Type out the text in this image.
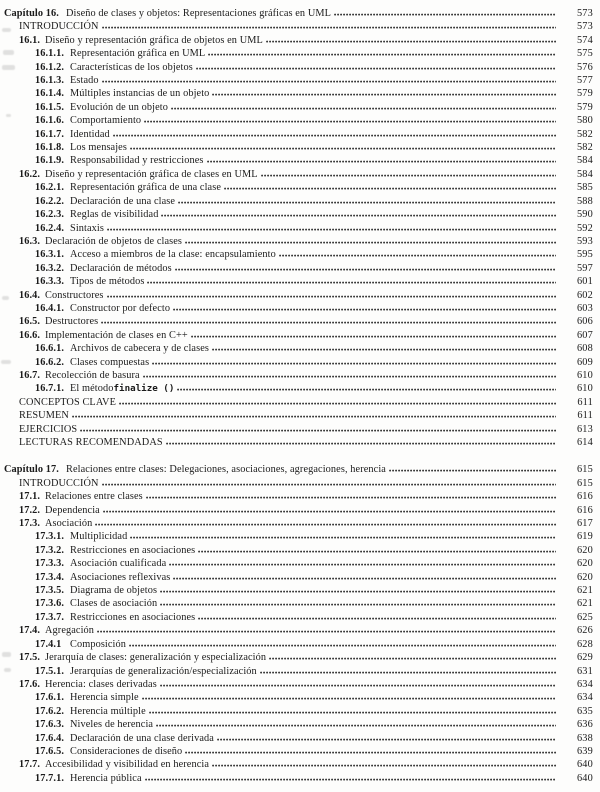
Capítulo 16. Diseño de clases y objetos: Representaciones gráficas en UML	573
INTRODUCCIÓN	573
16.1. Diseño y representación gráfica de objetos en UML	574
16.1.1. Representación gráfica en UML	575
16.1.2. Características de los objetos	576
16.1.3. Estado	577
16.1.4. Múltiples instancias de un objeto	579
16.1.5. Evolución de un objeto	579
16.1.6. Comportamiento	580
16.1.7. Identidad	582
16.1.8. Los mensajes	582
16.1.9. Responsabilidad y restricciones	584
16.2. Diseño y representación gráfica de clases en UML	584
16.2.1. Representación gráfica de una clase	585
16.2.2. Declaración de una clase	588
16.2.3. Reglas de visibilidad	590
16.2.4. Sintaxis	592
16.3. Declaración de objetos de clases	593
16.3.1. Acceso a miembros de la clase: encapsulamiento	595
16.3.2. Declaración de métodos	597
16.3.3. Tipos de métodos	601
16.4. Constructores	602
16.4.1. Constructor por defecto	603
16.5. Destructores	606
16.6. Implementación de clases en C++	607
16.6.1. Archivos de cabecera y de clases	608
16.6.2. Clases compuestas	609
16.7. Recolección de basura	610
16.7.1. El método finalize ()	610
CONCEPTOS CLAVE	611
RESUMEN	611
EJERCICIOS	613
LECTURAS RECOMENDADAS	614
Capítulo 17. Relaciones entre clases: Delegaciones, asociaciones, agregaciones, herencia	615
INTRODUCCIÓN	615
17.1. Relaciones entre clases	616
17.2. Dependencia	616
17.3. Asociación	617
17.3.1. Multiplicidad	619
17.3.2. Restricciones en asociaciones	620
17.3.3. Asociación cualificada	620
17.3.4. Asociaciones reflexivas	620
17.3.5. Diagrama de objetos	621
17.3.6. Clases de asociación	621
17.3.7. Restricciones en asociaciones	625
17.4. Agregación	626
17.4.1 Composición	628
17.5. Jerarquía de clases: generalización y especialización	629
17.5.1. Jerarquías de generalización/especialización	631
17.6. Herencia: clases derivadas	634
17.6.1. Herencia simple	634
17.6.2. Herencia múltiple	635
17.6.3. Niveles de herencia	636
17.6.4. Declaración de una clase derivada	638
17.6.5. Consideraciones de diseño	639
17.7. Accesibilidad y visibilidad en herencia	640
17.7.1. Herencia pública	640
